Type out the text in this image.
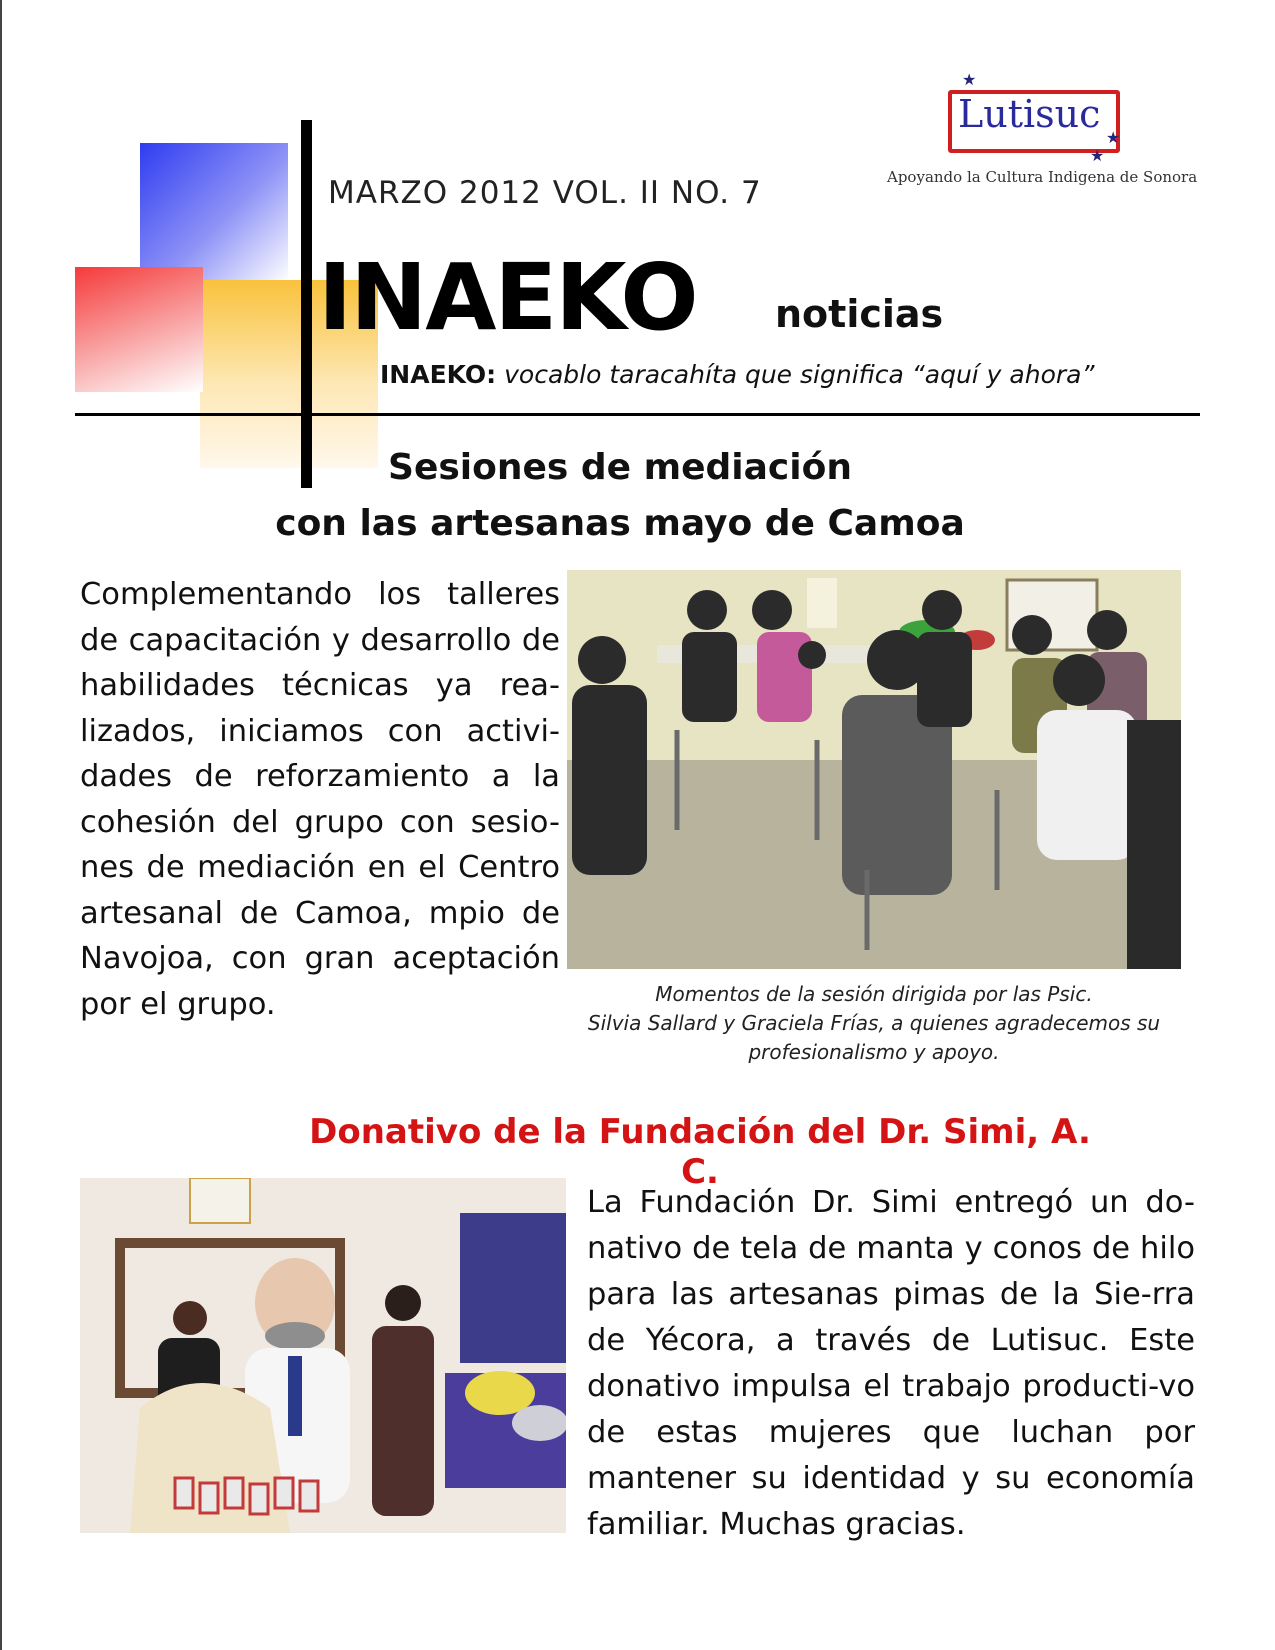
MARZO 2012 VOL. II NO. 7
INAEKO noticias
INAEKO: vocablo taracahíta que significa “aquí y ahora”
★
★
★
Lutisuc
Apoyando la Cultura Indigena de Sonora
Sesiones de mediación
con las artesanas mayo de Camoa
Complementando los talleres de capacitación y desarrollo de habilidades técnicas ya rea-lizados, iniciamos con activi-dades de reforzamiento a la cohesión del grupo con sesio-nes de mediación en el Centro artesanal de Camoa, mpio de Navojoa, con gran aceptación por el grupo.	Momentos de la sesión dirigida por las Psic.
Silvia Sallard y Graciela Frías, a quienes agradecemos su
profesionalismo y apoyo.
Donativo de la Fundación del Dr. Simi, A. C.
La Fundación Dr. Simi entregó un do-nativo de tela de manta y conos de hilo para las artesanas pimas de la Sie-rra de Yécora, a través de Lutisuc. Este donativo impulsa el trabajo producti-vo de estas mujeres que luchan por mantener su identidad y su economía familiar. Muchas gracias.
